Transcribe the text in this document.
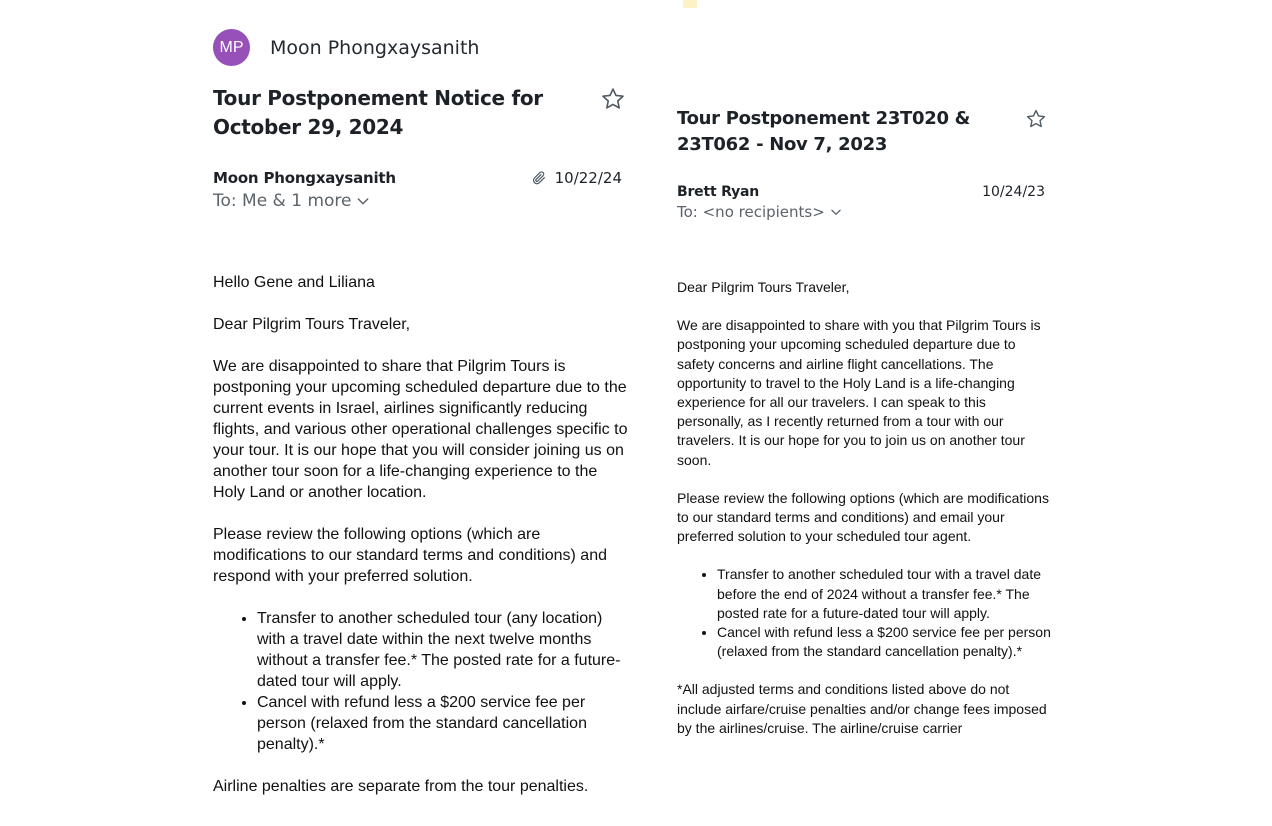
MP	Moon Phongxaysanith
Tour Postponement Notice for October 29, 2024
Moon Phongxaysanith	10/22/24
To: Me & 1 more

Hello Gene and Liliana

Dear Pilgrim Tours Traveler,

We are disappointed to share that Pilgrim Tours is postponing your upcoming scheduled departure due to the current events in Israel, airlines significantly reducing flights, and various other operational challenges specific to your tour. It is our hope that you will consider joining us on another tour soon for a life-changing experience to the Holy Land or another location.

Please review the following options (which are modifications to our standard terms and conditions) and respond with your preferred solution.

• Transfer to another scheduled tour (any location) with a travel date within the next twelve months without a transfer fee.* The posted rate for a future-dated tour will apply.
• Cancel with refund less a $200 service fee per person (relaxed from the standard cancellation penalty).*

Airline penalties are separate from the tour penalties.

Tour Postponement 23T020 & 23T062 - Nov 7, 2023
Brett Ryan	10/24/23
To: <no recipients>

Dear Pilgrim Tours Traveler,

We are disappointed to share with you that Pilgrim Tours is postponing your upcoming scheduled departure due to safety concerns and airline flight cancellations. The opportunity to travel to the Holy Land is a life-changing experience for all our travelers. I can speak to this personally, as I recently returned from a tour with our travelers. It is our hope for you to join us on another tour soon.

Please review the following options (which are modifications to our standard terms and conditions) and email your preferred solution to your scheduled tour agent.

• Transfer to another scheduled tour with a travel date before the end of 2024 without a transfer fee.* The posted rate for a future-dated tour will apply.
• Cancel with refund less a $200 service fee per person (relaxed from the standard cancellation penalty).*

*All adjusted terms and conditions listed above do not include airfare/cruise penalties and/or change fees imposed by the airlines/cruise. The airline/cruise carrier
